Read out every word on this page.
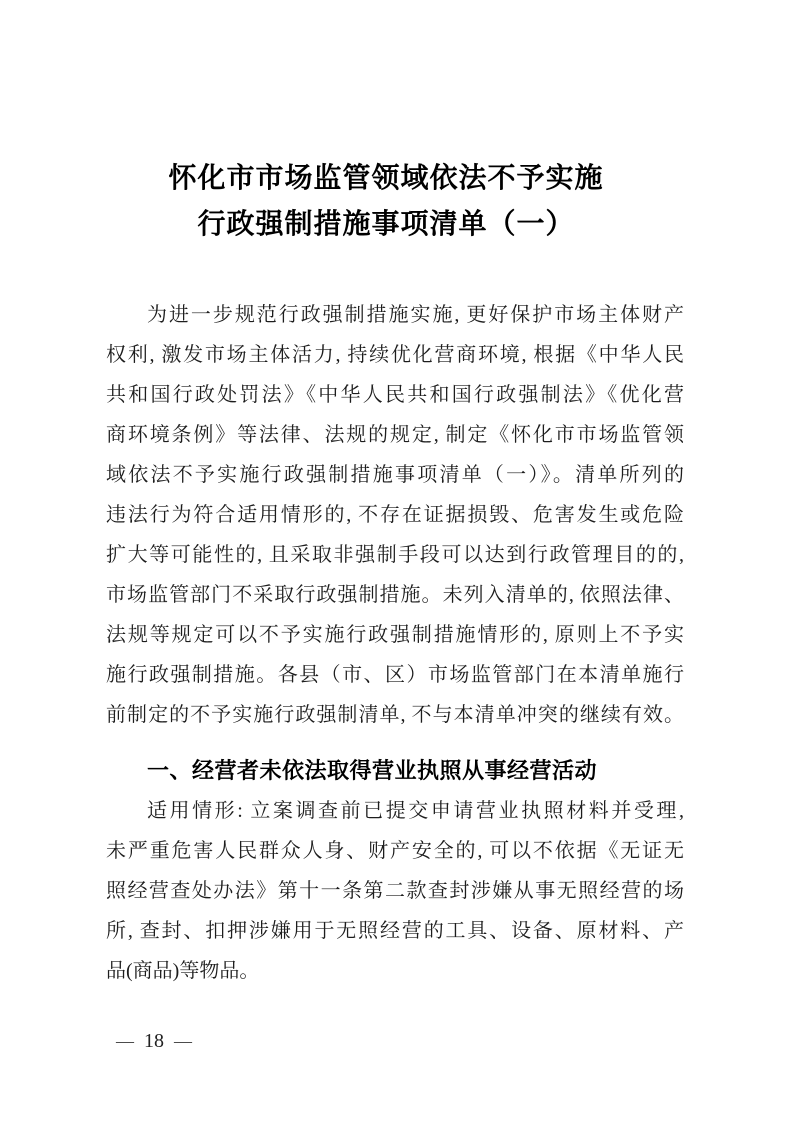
怀化市市场监管领域依法不予实施
行政强制措施事项清单（一）
为进一步规范行政强制措施实施, 更好保护市场主体财产
权利, 激发市场主体活力, 持续优化营商环境, 根据《中华人民
共和国行政处罚法》《中华人民共和国行政强制法》《优化营
商环境条例》等法律、法规的规定, 制定《怀化市市场监管领
域依法不予实施行政强制措施事项清单（一）》。清单所列的
违法行为符合适用情形的, 不存在证据损毁、危害发生或危险
扩大等可能性的, 且采取非强制手段可以达到行政管理目的的,
市场监管部门不采取行政强制措施。未列入清单的, 依照法律、
法规等规定可以不予实施行政强制措施情形的, 原则上不予实
施行政强制措施。各县（市、区）市场监管部门在本清单施行
前制定的不予实施行政强制清单, 不与本清单冲突的继续有效。
一、经营者未依法取得营业执照从事经营活动
适用情形: 立案调查前已提交申请营业执照材料并受理,
未严重危害人民群众人身、财产安全的, 可以不依据《无证无
照经营查处办法》第十一条第二款查封涉嫌从事无照经营的场
所, 查封、扣押涉嫌用于无照经营的工具、设备、原材料、产
品(商品)等物品。
— 18 —
